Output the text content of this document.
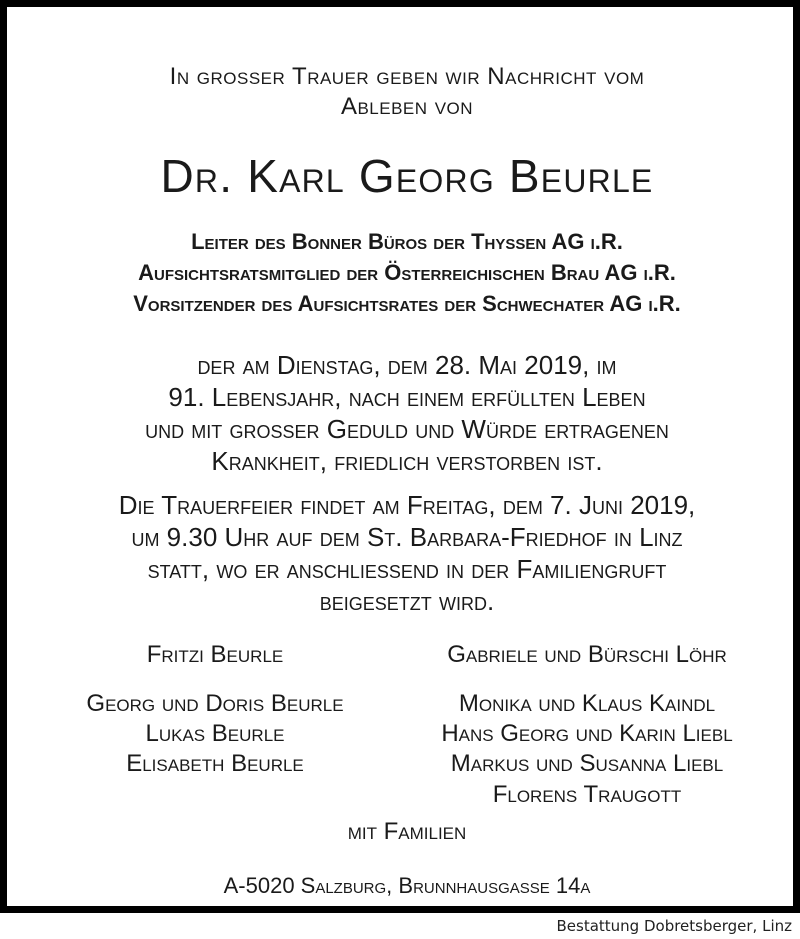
In grosser Trauer geben wir Nachricht vom
Ableben von
Dr. Karl Georg Beurle
Leiter des Bonner Büros der Thyssen AG i.R.
Aufsichtsratsmitglied der Österreichischen Brau AG i.R.
Vorsitzender des Aufsichtsrates der Schwechater AG i.R.
der am Dienstag, dem 28. Mai 2019, im
91. Lebensjahr, nach einem erfüllten Leben
und mit grosser Geduld und Würde ertragenen
Krankheit, friedlich verstorben ist.
Die Trauerfeier findet am Freitag, dem 7. Juni 2019,
um 9.30 Uhr auf dem St. Barbara-Friedhof in Linz
statt, wo er anschliessend in der Familiengruft
beigesetzt wird.
Fritzi Beurle	Gabriele und Bürschi Löhr
Georg und Doris Beurle
Lukas Beurle
Elisabeth Beurle
Monika und Klaus Kaindl
Hans Georg und Karin Liebl
Markus und Susanna Liebl
Florens Traugott
mit Familien
A-5020 Salzburg, Brunnhausgasse 14a
Bestattung Dobretsberger, Linz
